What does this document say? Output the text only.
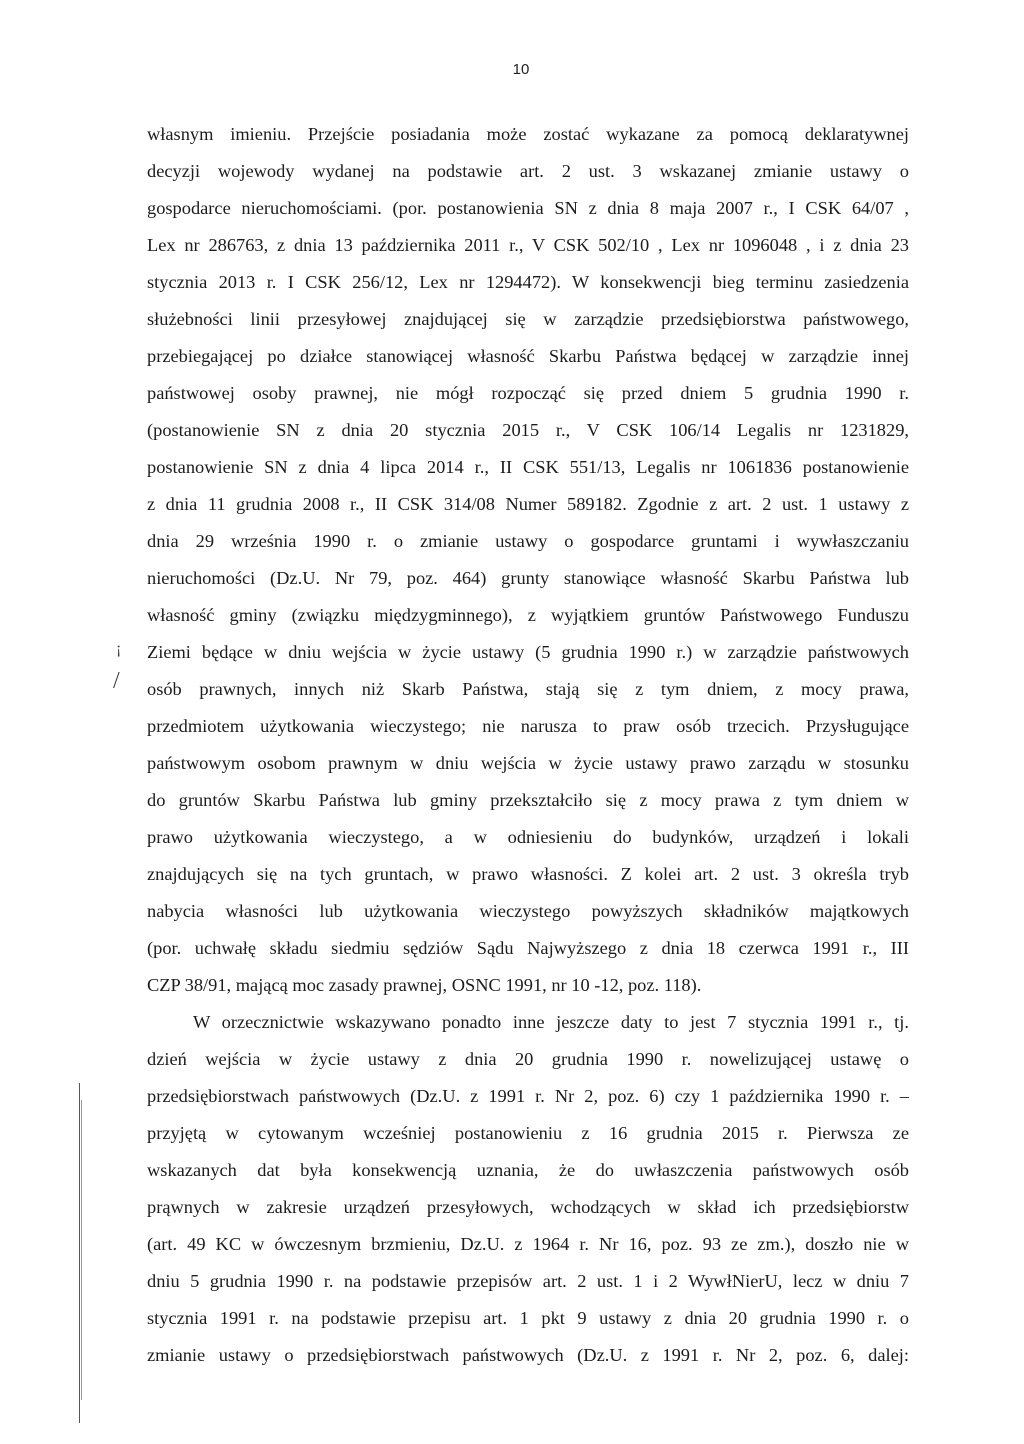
10
¡
/
własnym imieniu. Przejście posiadania może zostać wykazane za pomocą deklaratywnej
decyzji wojewody wydanej na podstawie art. 2 ust. 3 wskazanej zmianie ustawy o
gospodarce nieruchomościami. (por. postanowienia SN z dnia 8 maja 2007 r., I CSK 64/07 ,
Lex nr 286763, z dnia 13 października 2011 r., V CSK 502/10 , Lex nr 1096048 , i z dnia 23
stycznia 2013 r. I CSK 256/12, Lex nr 1294472). W konsekwencji bieg terminu zasiedzenia
służebności linii przesyłowej znajdującej się w zarządzie przedsiębiorstwa państwowego,
przebiegającej po działce stanowiącej własność Skarbu Państwa będącej w zarządzie innej
państwowej osoby prawnej, nie mógł rozpocząć się przed dniem 5 grudnia 1990 r.
(postanowienie SN z dnia 20 stycznia 2015 r., V CSK 106/14 Legalis nr 1231829,
postanowienie SN z dnia 4 lipca 2014 r., II CSK 551/13, Legalis nr 1061836 postanowienie
z dnia 11 grudnia 2008 r., II CSK 314/08 Numer 589182. Zgodnie z art. 2 ust. 1 ustawy z
dnia 29 września 1990 r. o zmianie ustawy o gospodarce gruntami i wywłaszczaniu
nieruchomości (Dz.U. Nr 79, poz. 464) grunty stanowiące własność Skarbu Państwa lub
własność gminy (związku międzygminnego), z wyjątkiem gruntów Państwowego Funduszu
Ziemi będące w dniu wejścia w życie ustawy (5 grudnia 1990 r.) w zarządzie państwowych
osób prawnych, innych niż Skarb Państwa, stają się z tym dniem, z mocy prawa,
przedmiotem użytkowania wieczystego; nie narusza to praw osób trzecich. Przysługujące
państwowym osobom prawnym w dniu wejścia w życie ustawy prawo zarządu w stosunku
do gruntów Skarbu Państwa lub gminy przekształciło się z mocy prawa z tym dniem w
prawo użytkowania wieczystego, a w odniesieniu do budynków, urządzeń i lokali
znajdujących się na tych gruntach, w prawo własności. Z kolei art. 2 ust. 3 określa tryb
nabycia własności lub użytkowania wieczystego powyższych składników majątkowych
(por. uchwałę składu siedmiu sędziów Sądu Najwyższego z dnia 18 czerwca 1991 r., III
CZP 38/91, mającą moc zasady prawnej, OSNC 1991, nr 10 -12, poz. 118).
W orzecznictwie wskazywano ponadto inne jeszcze daty to jest 7 stycznia 1991 r., tj.
dzień wejścia w życie ustawy z dnia 20 grudnia 1990 r. nowelizującej ustawę o
przedsiębiorstwach państwowych (Dz.U. z 1991 r. Nr 2, poz. 6) czy 1 października 1990 r. –
przyjętą w cytowanym wcześniej postanowieniu z 16 grudnia 2015 r. Pierwsza ze
wskazanych dat była konsekwencją uznania, że do uwłaszczenia państwowych osób
prąwnych w zakresie urządzeń przesyłowych, wchodzących w skład ich przedsiębiorstw
(art. 49 KC w ówczesnym brzmieniu, Dz.U. z 1964 r. Nr 16, poz. 93 ze zm.), doszło nie w
dniu 5 grudnia 1990 r. na podstawie przepisów art. 2 ust. 1 i 2 WywłNierU, lecz w dniu 7
stycznia 1991 r. na podstawie przepisu art. 1 pkt 9 ustawy z dnia 20 grudnia 1990 r. o
zmianie ustawy o przedsiębiorstwach państwowych (Dz.U. z 1991 r. Nr 2, poz. 6, dalej:
